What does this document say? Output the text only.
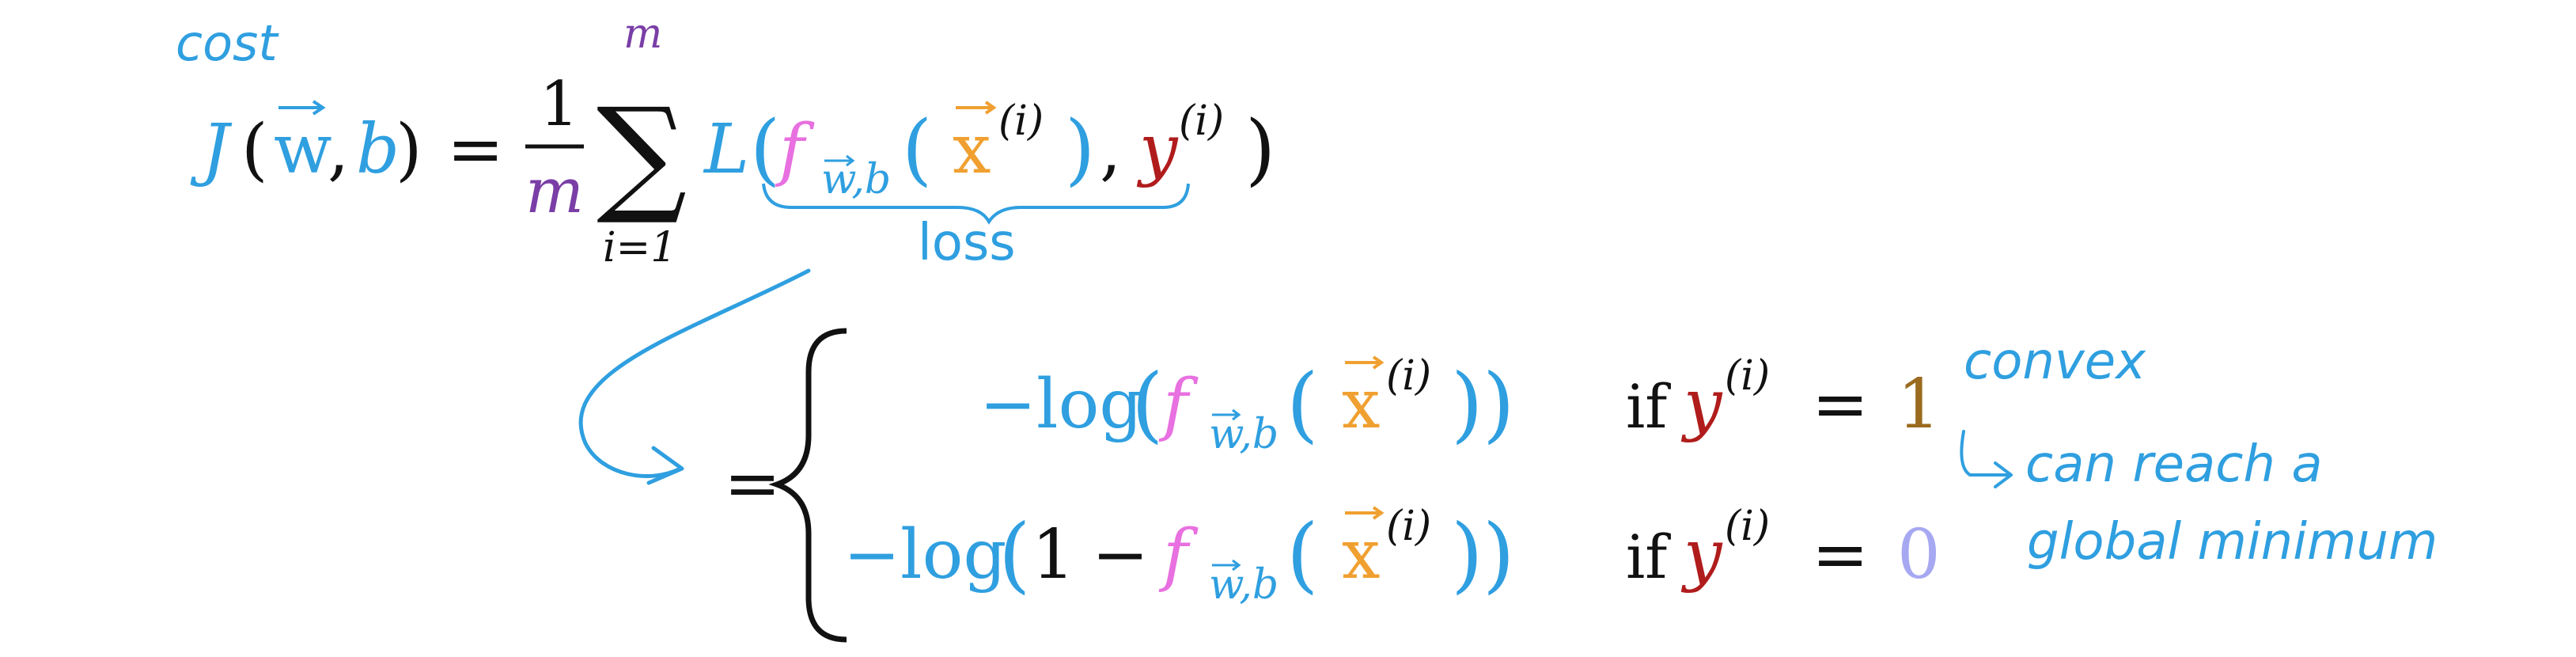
cost
J ( w
, b
) =
1
m
m
∑
i=1
L (
f w,b ( x (i) ) , y (i) )
loss
=
−log
( f w,b ( x (i) ) ) if y (i) = 1
−log
( 1 − f w,b ( x (i) ) ) if y (i) = 0
convex
can reach a
global minimum
